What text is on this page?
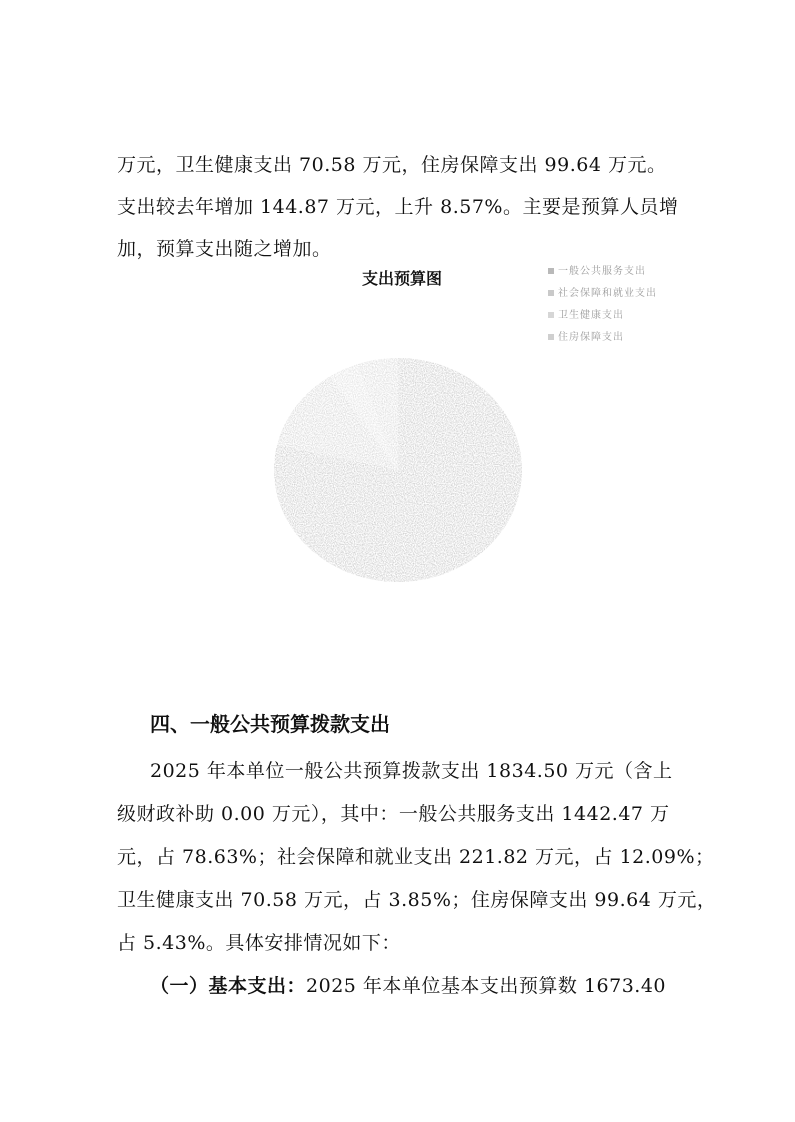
万元，卫生健康支出 70.58 万元，住房保障支出 99.64 万元。
支出较去年增加 144.87 万元，上升 8.57%。主要是预算人员增
加，预算支出随之增加。
支出预算图	一般公共服务支出
社会保障和就业支出
卫生健康支出
住房保障支出
四、一般公共预算拨款支出
2025 年本单位一般公共预算拨款支出 1834.50 万元（含上
级财政补助 0.00 万元），其中：一般公共服务支出 1442.47 万
元，占 78.63%；社会保障和就业支出 221.82 万元，占 12.09%；
卫生健康支出 70.58 万元，占 3.85%；住房保障支出 99.64 万元，
占 5.43%。具体安排情况如下：
（一）基本支出：2025 年本单位基本支出预算数 1673.40
